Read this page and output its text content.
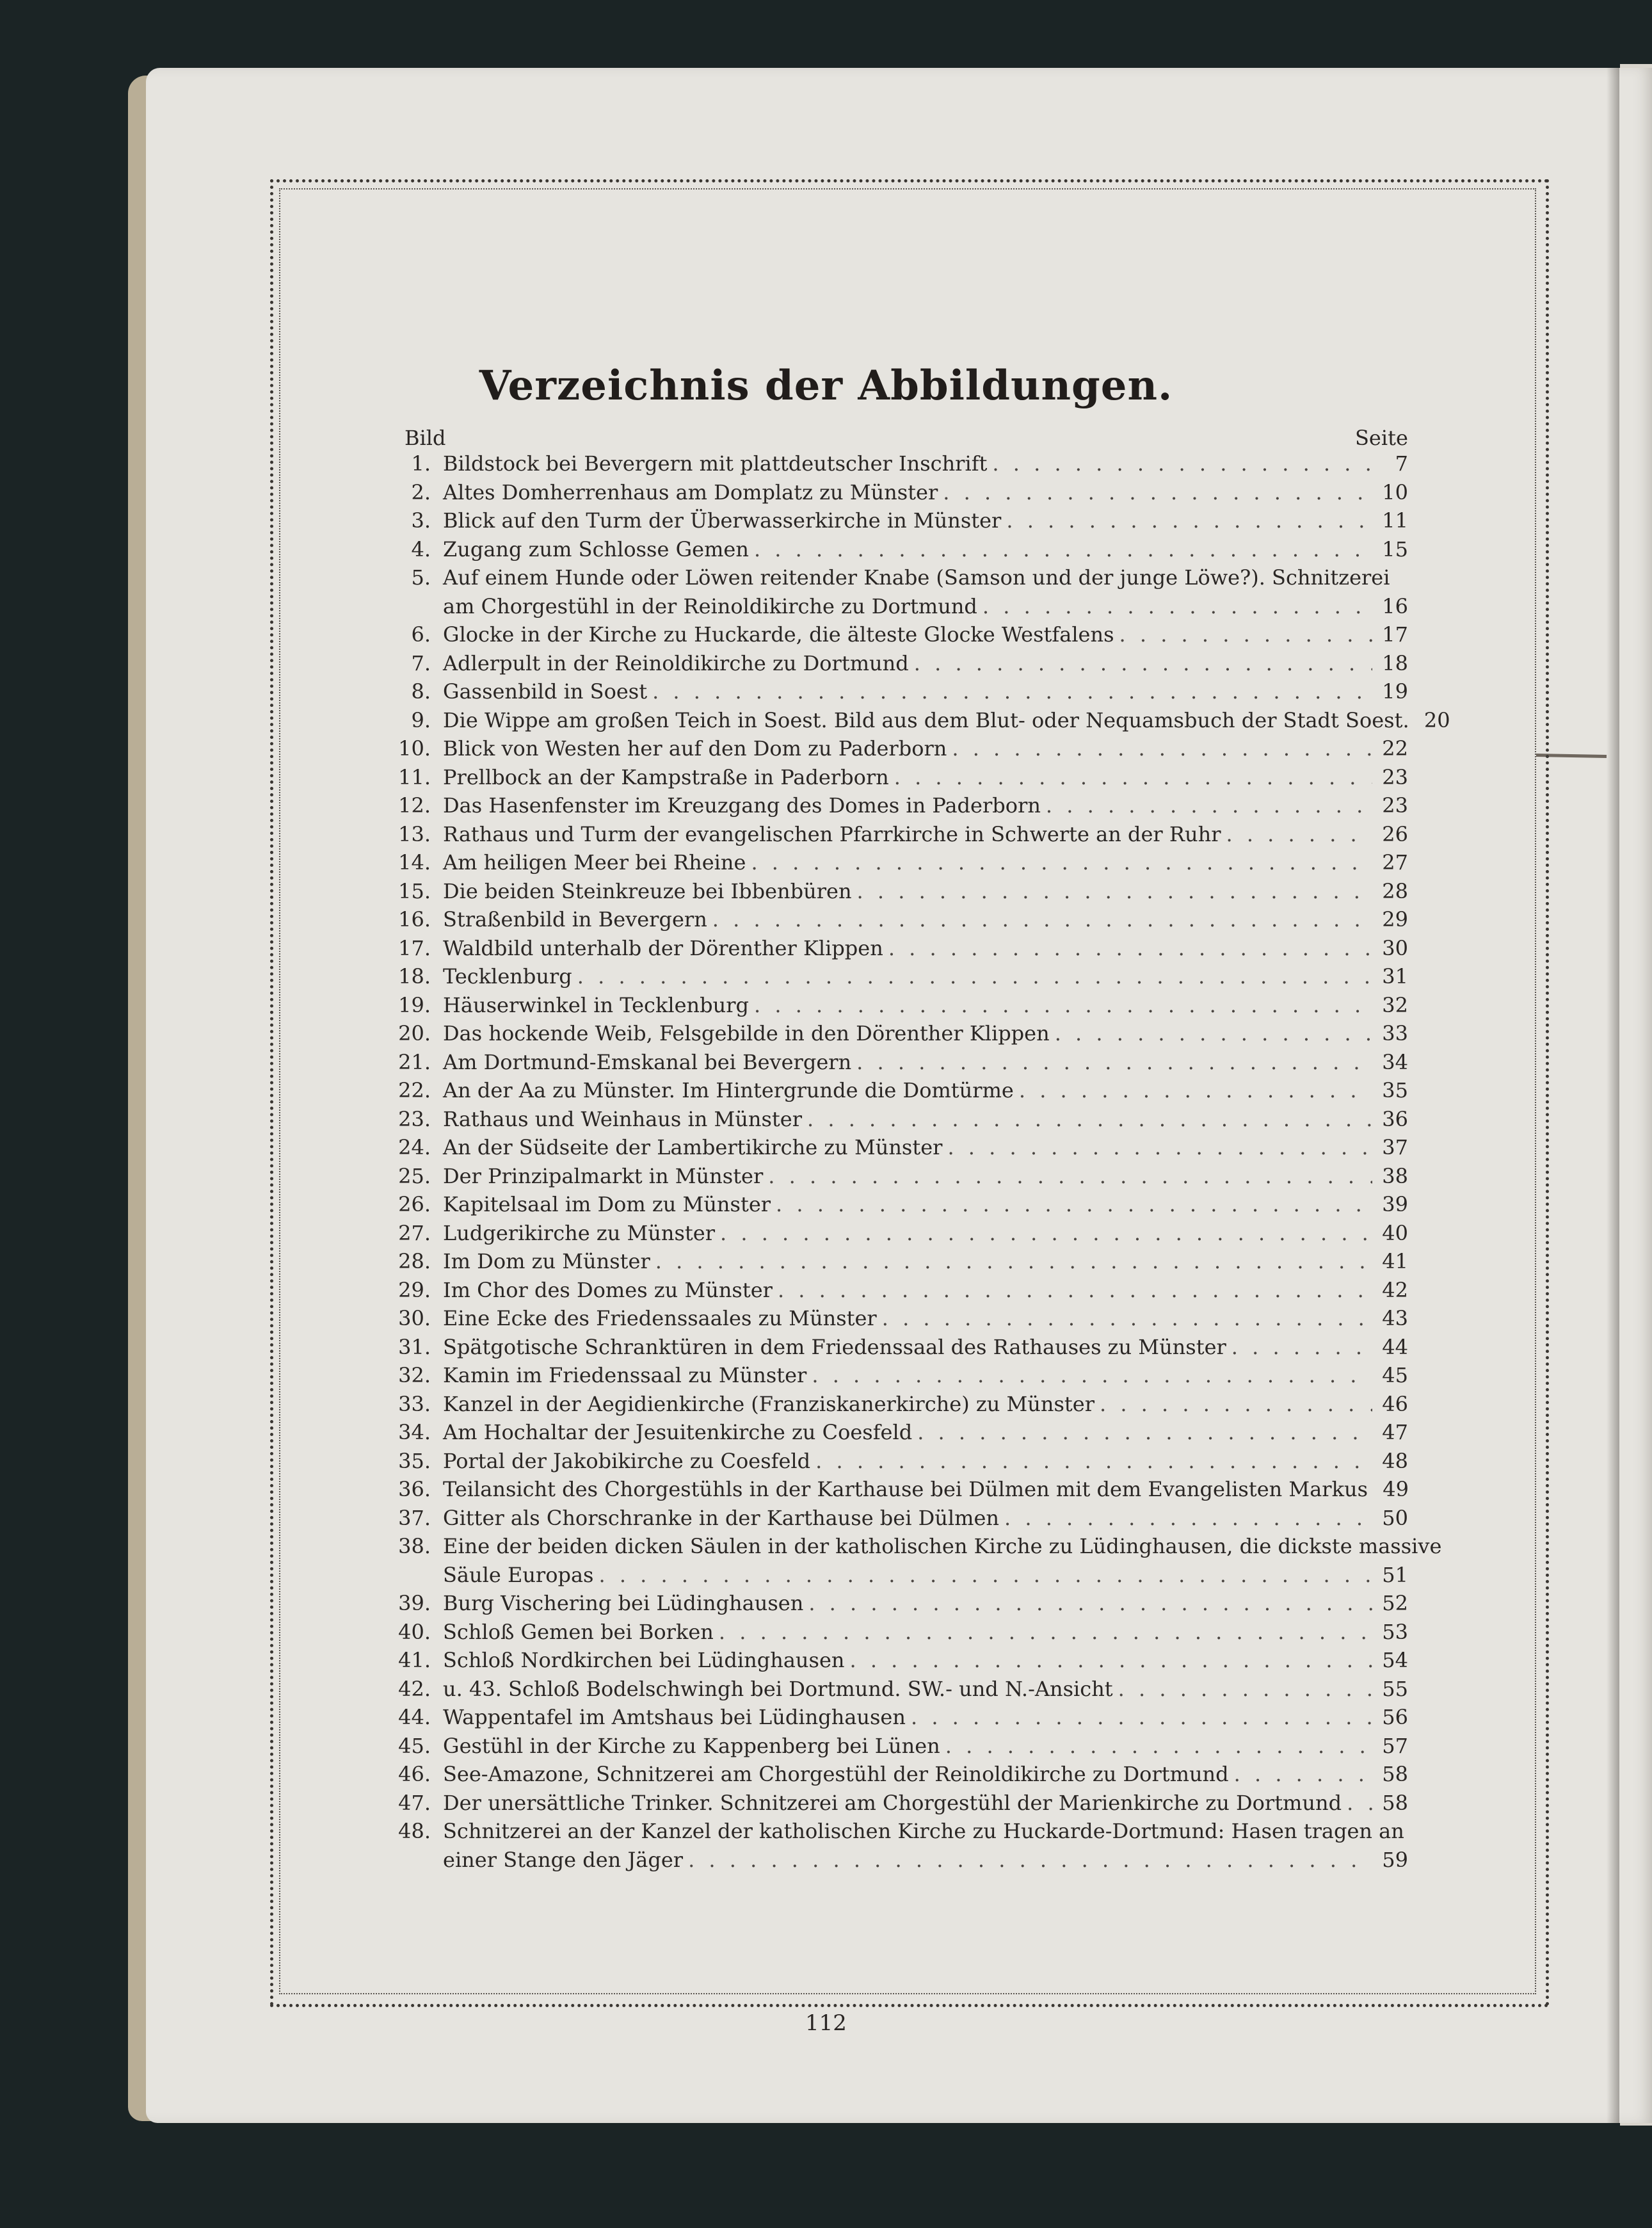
Verzeichnis der Abbildungen.
Bild	Seite
1. Bildstock bei Bevergern mit plattdeutscher Inschrift . . .	7
2. Altes Domherrenhaus am Domplatz zu Münster . . .	10
3. Blick auf den Turm der Überwasserkirche in Münster . . .	11
4. Zugang zum Schlosse Gemen . . .	15
5. Auf einem Hunde oder Löwen reitender Knabe (Samson und der junge Löwe?). Schnitzerei
am Chorgestühl in der Reinoldikirche zu Dortmund . . .	16
6. Glocke in der Kirche zu Huckarde, die älteste Glocke Westfalens . . .	17
7. Adlerpult in der Reinoldikirche zu Dortmund . . .	18
8. Gassenbild in Soest . . .	19
9. Die Wippe am großen Teich in Soest. Bild aus dem Blut- oder Nequamsbuch der Stadt Soest. 20
10. Blick von Westen her auf den Dom zu Paderborn . . .	22
11. Prellbock an der Kampstraße in Paderborn . . .	23
12. Das Hasenfenster im Kreuzgang des Domes in Paderborn . . .	23
13. Rathaus und Turm der evangelischen Pfarrkirche in Schwerte an der Ruhr . . .	26
14. Am heiligen Meer bei Rheine . . .	27
15. Die beiden Steinkreuze bei Ibbenbüren . . .	28
16. Straßenbild in Bevergern . . .	29
17. Waldbild unterhalb der Dörenther Klippen . . .	30
18. Tecklenburg . . .	31
19. Häuserwinkel in Tecklenburg . . .	32
20. Das hockende Weib, Felsgebilde in den Dörenther Klippen . . .	33
21. Am Dortmund-Emskanal bei Bevergern . . .	34
22. An der Aa zu Münster. Im Hintergrunde die Domtürme . . .	35
23. Rathaus und Weinhaus in Münster . . .	36
24. An der Südseite der Lambertikirche zu Münster . . .	37
25. Der Prinzipalmarkt in Münster . . .	38
26. Kapitelsaal im Dom zu Münster . . .	39
27. Ludgerikirche zu Münster . . .	40
28. Im Dom zu Münster . . .	41
29. Im Chor des Domes zu Münster . . .	42
30. Eine Ecke des Friedenssaales zu Münster . . .	43
31. Spätgotische Schranktüren in dem Friedenssaal des Rathauses zu Münster . . .	44
32. Kamin im Friedenssaal zu Münster . . .	45
33. Kanzel in der Aegidienkirche (Franziskanerkirche) zu Münster . . .	46
34. Am Hochaltar der Jesuitenkirche zu Coesfeld . . .	47
35. Portal der Jakobikirche zu Coesfeld . . .	48
36. Teilansicht des Chorgestühls in der Karthause bei Dülmen mit dem Evangelisten Markus 49
37. Gitter als Chorschranke in der Karthause bei Dülmen . . .	50
38. Eine der beiden dicken Säulen in der katholischen Kirche zu Lüdinghausen, die dickste massive
Säule Europas . . .	51
39. Burg Vischering bei Lüdinghausen . . .	52
40. Schloß Gemen bei Borken . . .	53
41. Schloß Nordkirchen bei Lüdinghausen . . .	54
42. u. 43. Schloß Bodelschwingh bei Dortmund. SW.- und N.-Ansicht . . .	55
44. Wappentafel im Amtshaus bei Lüdinghausen . . .	56
45. Gestühl in der Kirche zu Kappenberg bei Lünen . . .	57
46. See-Amazone, Schnitzerei am Chorgestühl der Reinoldikirche zu Dortmund . . .	58
47. Der unersättliche Trinker. Schnitzerei am Chorgestühl der Marienkirche zu Dortmund . . . 58
48. Schnitzerei an der Kanzel der katholischen Kirche zu Huckarde-Dortmund: Hasen tragen an
einer Stange den Jäger . . .	59
112
